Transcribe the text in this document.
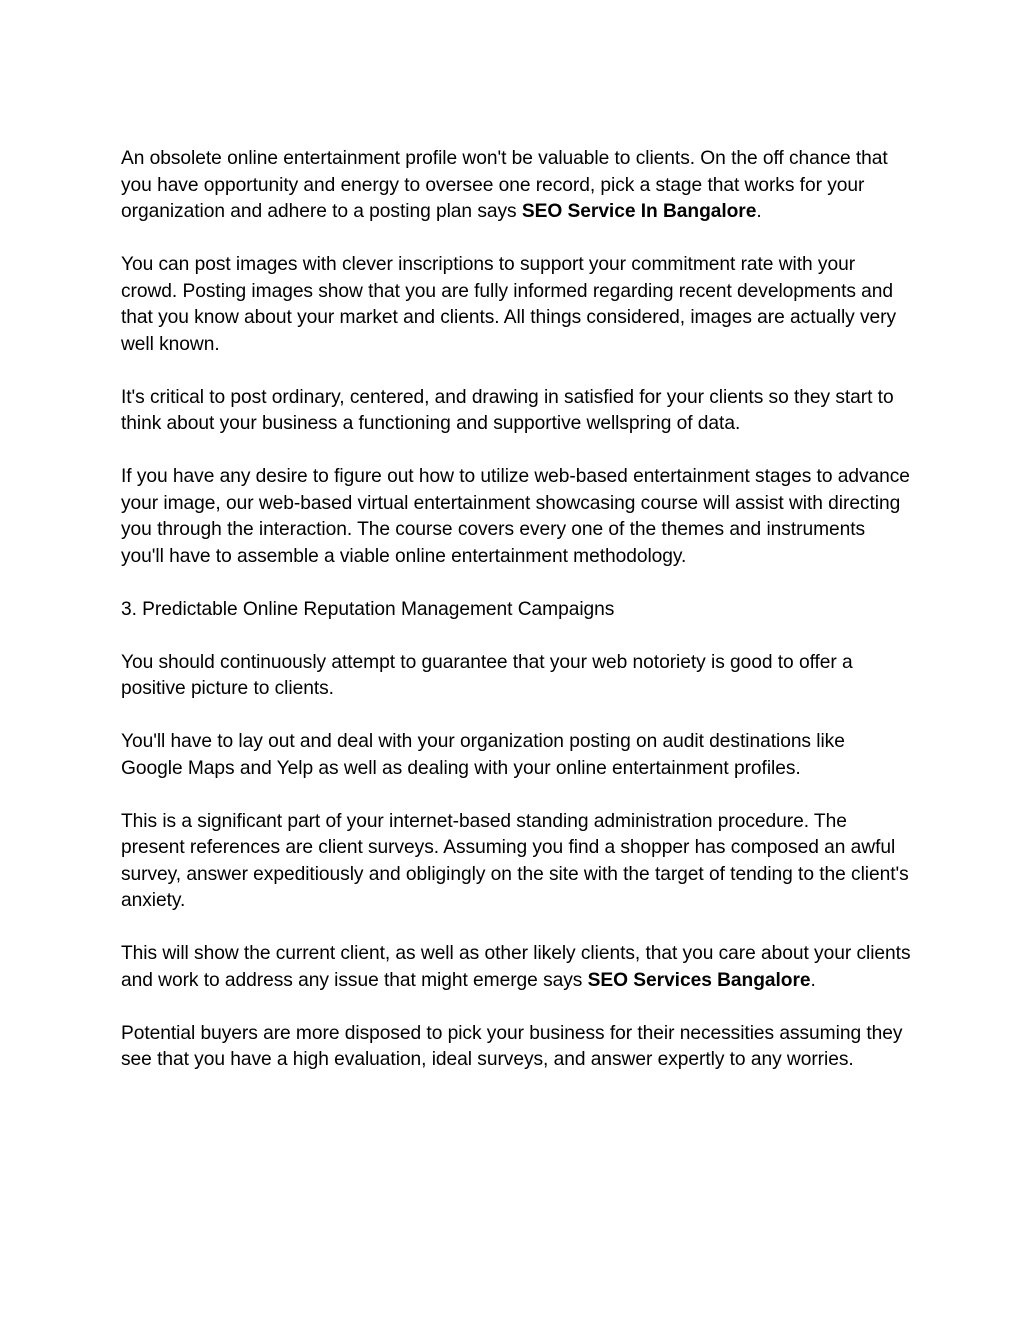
An obsolete online entertainment profile won't be valuable to clients. On the off chance that you have opportunity and energy to oversee one record, pick a stage that works for your organization and adhere to a posting plan says SEO Service In Bangalore.

You can post images with clever inscriptions to support your commitment rate with your crowd. Posting images show that you are fully informed regarding recent developments and that you know about your market and clients. All things considered, images are actually very well known.

It's critical to post ordinary, centered, and drawing in satisfied for your clients so they start to think about your business a functioning and supportive wellspring of data.

If you have any desire to figure out how to utilize web-based entertainment stages to advance your image, our web-based virtual entertainment showcasing course will assist with directing you through the interaction. The course covers every one of the themes and instruments you'll have to assemble a viable online entertainment methodology.

3. Predictable Online Reputation Management Campaigns

You should continuously attempt to guarantee that your web notoriety is good to offer a positive picture to clients.

You'll have to lay out and deal with your organization posting on audit destinations like Google Maps and Yelp as well as dealing with your online entertainment profiles.

This is a significant part of your internet-based standing administration procedure. The present references are client surveys. Assuming you find a shopper has composed an awful survey, answer expeditiously and obligingly on the site with the target of tending to the client's anxiety.

This will show the current client, as well as other likely clients, that you care about your clients and work to address any issue that might emerge says SEO Services Bangalore.

Potential buyers are more disposed to pick your business for their necessities assuming they see that you have a high evaluation, ideal surveys, and answer expertly to any worries.
